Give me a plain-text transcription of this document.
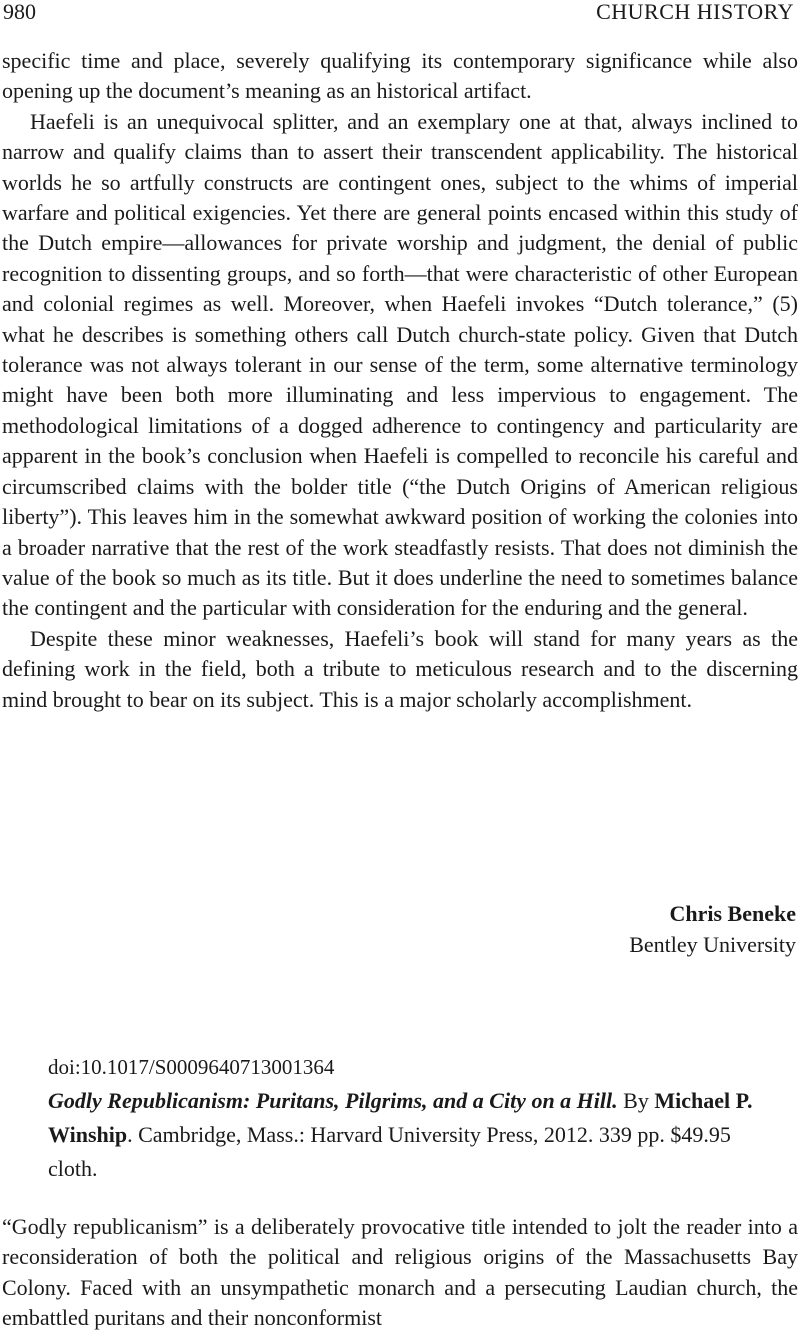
980	CHURCH HISTORY

specific time and place, severely qualifying its contemporary significance while also opening up the document’s meaning as an historical artifact.

Haefeli is an unequivocal splitter, and an exemplary one at that, always inclined to narrow and qualify claims than to assert their transcendent applicability. The historical worlds he so artfully constructs are contingent ones, subject to the whims of imperial warfare and political exigencies. Yet there are general points encased within this study of the Dutch empire—allowances for private worship and judgment, the denial of public recognition to dissenting groups, and so forth—that were characteristic of other European and colonial regimes as well. Moreover, when Haefeli invokes “Dutch tolerance,” (5) what he describes is something others call Dutch church-state policy. Given that Dutch tolerance was not always tolerant in our sense of the term, some alternative terminology might have been both more illuminating and less impervious to engagement. The methodological limitations of a dogged adherence to contingency and particularity are apparent in the book’s conclusion when Haefeli is compelled to reconcile his careful and circumscribed claims with the bolder title (“the Dutch Origins of American religious liberty”). This leaves him in the somewhat awkward position of working the colonies into a broader narrative that the rest of the work steadfastly resists. That does not diminish the value of the book so much as its title. But it does underline the need to sometimes balance the contingent and the particular with consideration for the enduring and the general.

Despite these minor weaknesses, Haefeli’s book will stand for many years as the defining work in the field, both a tribute to meticulous research and to the discerning mind brought to bear on its subject. This is a major scholarly accomplishment.

Chris Beneke
Bentley University

doi:10.1017/S0009640713001364

Godly Republicanism: Puritans, Pilgrims, and a City on a Hill. By Michael P. Winship. Cambridge, Mass.: Harvard University Press, 2012. 339 pp. $49.95 cloth.

“Godly republicanism” is a deliberately provocative title intended to jolt the reader into a reconsideration of both the political and religious origins of the Massachusetts Bay Colony. Faced with an unsympathetic monarch and a persecuting Laudian church, the embattled puritans and their nonconformist
